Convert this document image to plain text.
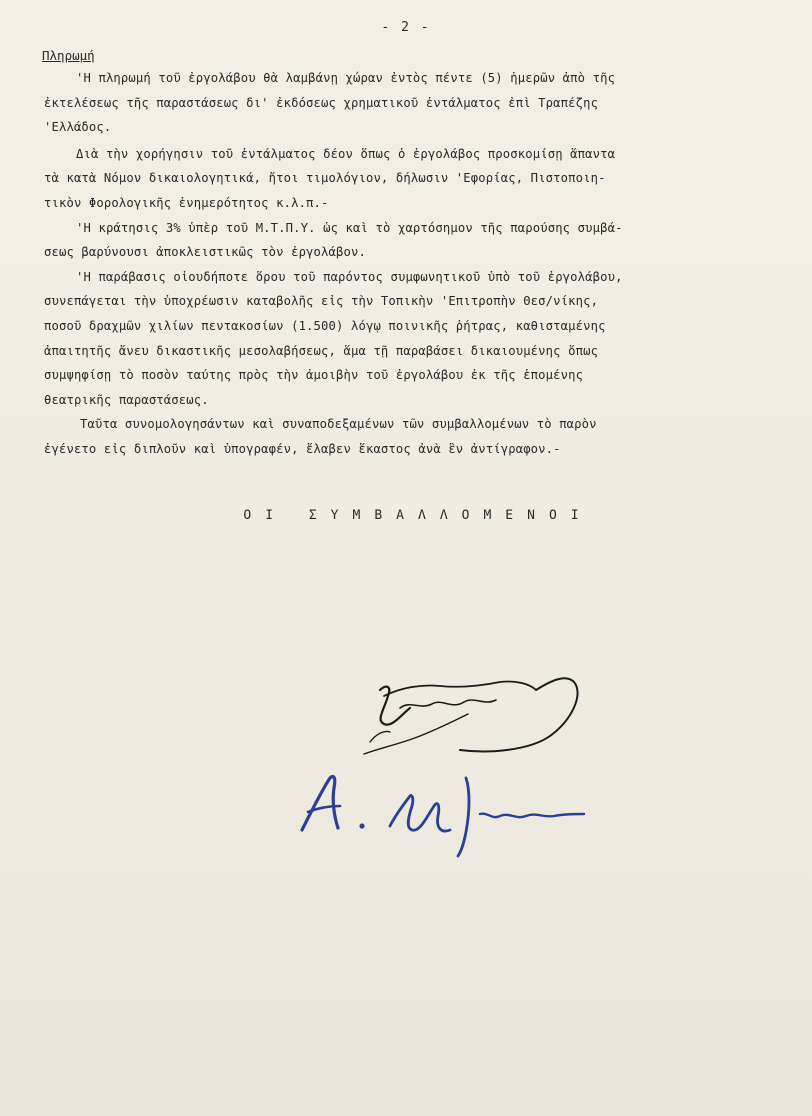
- 2 -
Πληρωμή
'Η πληρωμή τοῦ ἐργολάβου θὰ λαμβάνῃ χώραν ἐντὸς πέντε (5) ἡμερῶν ἀπὸ τῆς
ἐκτελέσεως τῆς παραστάσεως δι' ἐκδόσεως χρηματικοῦ ἐντάλματος ἐπὶ Τραπέζης
'Ελλάδος.
Διὰ τὴν χορήγησιν τοῦ ἐντάλματος δέον ὅπως ὁ ἐργολάβος προσκομίσῃ ἅπαντα
τὰ κατὰ Νόμον δικαιολογητικά, ἤτοι τιμολόγιον, δήλωσιν 'Εφορίας, Πιστοποιη-
τικὸν Φορολογικῆς ἐνημερότητος κ.λ.π.-
'Η κράτησις 3% ὑπὲρ τοῦ Μ.Τ.Π.Υ. ὡς καὶ τὸ χαρτόσημον τῆς παρούσης συμβά-
σεως βαρύνουσι ἀποκλειστικῶς τὸν ἐργολάβον.
'Η παράβασις οἱουδήποτε ὅρου τοῦ παρόντος συμφωνητικοῦ ὑπὸ τοῦ ἐργολάβου,
συνεπάγεται τὴν ὑποχρέωσιν καταβολῆς εἰς τὴν Τοπικὴν 'Επιτροπὴν Θεσ/νίκης,
ποσοῦ δραχμῶν χιλίων πεντακοσίων (1.500) λόγῳ ποινικῆς ῥήτρας, καθισταμένης
ἀπαιτητῆς ἄνευ δικαστικῆς μεσολαβήσεως, ἅμα τῇ παραβάσει δικαιουμένης ὅπως
συμψηφίσῃ τὸ ποσὸν ταύτης πρὸς τὴν ἀμοιβὴν τοῦ ἐργολάβου ἐκ τῆς ἑπομένης
θεατρικῆς παραστάσεως.
Ταῦτα συνομολογησάντων καὶ συναποδεξαμένων τῶν συμβαλλομένων τὸ παρὸν
ἐγένετο εἰς διπλοῦν καὶ ὑπογραφέν, ἔλαβεν ἕκαστος ἀνὰ ἓν ἀντίγραφον.-
ΟΙ ΣΥΜΒΑΛΛΟΜΕΝΟΙ
